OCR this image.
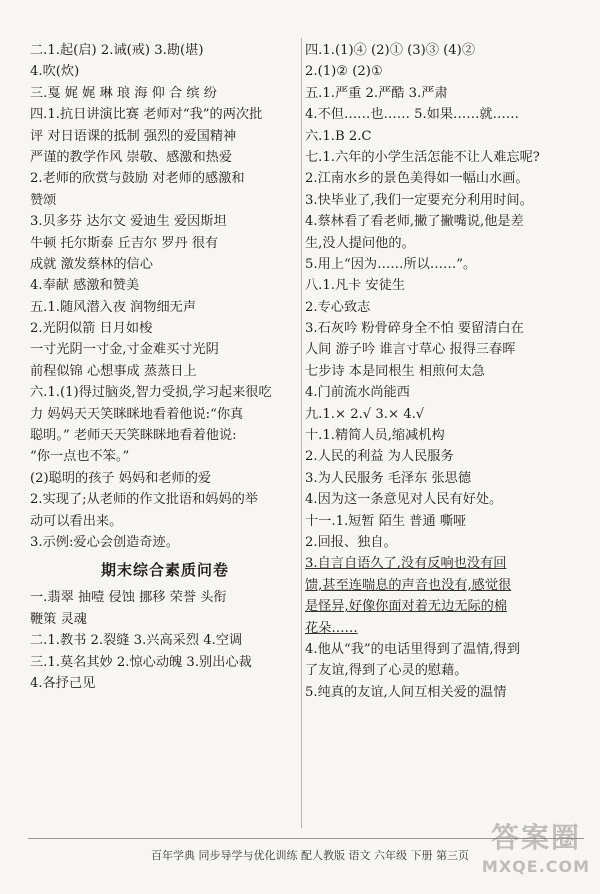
二.1.起(启) 2.诫(戒) 3.勘(堪)
4.吹(炊)
三.戛 娓 娓 琳 琅 海 仰 合 缤 纷
四.1.抗日讲演比赛 老师对“我”的两次批
评 对日语课的抵制 强烈的爱国精神
严谨的教学作风 崇敬、感激和热爱
2.老师的欣赏与鼓励 对老师的感激和
赞颂
3.贝多芬 达尔文 爱迪生 爱因斯坦
牛顿 托尔斯泰 丘吉尔 罗丹 很有
成就 激发蔡林的信心
4.奉献 感激和赞美
五.1.随风潜入夜 润物细无声
2.光阴似箭 日月如梭
一寸光阴一寸金,寸金难买寸光阴
前程似锦 心想事成 蒸蒸日上
六.1.(1)得过脑炎,智力受损,学习起来很吃
力 妈妈天天笑眯眯地看着他说:“你真
聪明。” 老师天天笑眯眯地看着他说:
“你一点也不笨。”
(2)聪明的孩子 妈妈和老师的爱
2.实现了;从老师的作文批语和妈妈的举
动可以看出来。
3.示例:爱心会创造奇迹。
期末综合素质问卷
一.翡翠 抽噎 侵蚀 挪移 荣誉 头衔
鞭策 灵魂
二.1.教书 2.裂缝 3.兴高采烈 4.空调
三.1.莫名其妙 2.惊心动魄 3.别出心裁
4.各抒己见
四.1.(1)④ (2)① (3)③ (4)②
2.(1)② (2)①
五.1.严重 2.严酷 3.严肃
4.不但……也…… 5.如果……就……
六.1.B 2.C
七.1.六年的小学生活怎能不让人难忘呢?
2.江南水乡的景色美得如一幅山水画。
3.快毕业了,我们一定要充分利用时间。
4.蔡林看了看老师,撇了撇嘴说,他是差
生,没人提问他的。
5.用上“因为……所以……”。
八.1.凡卡 安徒生
2.专心致志
3.石灰吟 粉骨碎身全不怕 要留清白在
人间 游子吟 谁言寸草心 报得三春晖
七步诗 本是同根生 相煎何太急
4.门前流水尚能西
九.1.× 2.√ 3.× 4.√
十.1.精简人员,缩减机构
2.人民的利益 为人民服务
3.为人民服务 毛泽东 张思德
4.因为这一条意见对人民有好处。
十一.1.短暂 陌生 普通 嘶哑
2.回报、独自。
3.自言自语久了,没有反响也没有回
馈,甚至连喘息的声音也没有,感觉很
是怪异,好像你面对着无边无际的棉
花朵……
4.他从“我”的电话里得到了温情,得到
了友谊,得到了心灵的慰藉。
5.纯真的友谊,人间互相关爱的温情
百年学典 同步导学与优化训练 配人教版 语文 六年级 下册 第三页
答案圈
MXQE.COM
